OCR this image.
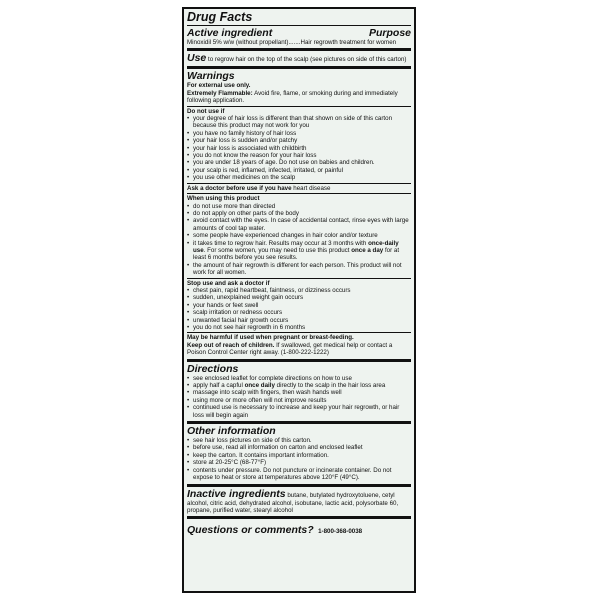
Drug Facts
Active ingredient	Purpose
Minoxidil 5% w/w (without propellant).......Hair regrowth treatment for women
Use to regrow hair on the top of the scalp (see pictures on side of this carton)
Warnings
For external use only.
Extremely Flammable: Avoid fire, flame, or smoking during and immediately following application.
Do not use if
• your degree of hair loss is different than that shown on side of this carton because this product may not work for you
• you have no family history of hair loss
• your hair loss is sudden and/or patchy
• your hair loss is associated with childbirth
• you do not know the reason for your hair loss
• you are under 18 years of age. Do not use on babies and children.
• your scalp is red, inflamed, infected, irritated, or painful
• you use other medicines on the scalp
Ask a doctor before use if you have heart disease
When using this product
• do not use more than directed
• do not apply on other parts of the body
• avoid contact with the eyes. In case of accidental contact, rinse eyes with large amounts of cool tap water.
• some people have experienced changes in hair color and/or texture
• it takes time to regrow hair. Results may occur at 3 months with once-daily use. For some women, you may need to use this product once a day for at least 6 months before you see results.
• the amount of hair regrowth is different for each person. This product will not work for all women.
Stop use and ask a doctor if
• chest pain, rapid heartbeat, faintness, or dizziness occurs
• sudden, unexplained weight gain occurs
• your hands or feet swell
• scalp irritation or redness occurs
• unwanted facial hair growth occurs
• you do not see hair regrowth in 6 months
May be harmful if used when pregnant or breast-feeding.
Keep out of reach of children. If swallowed, get medical help or contact a Poison Control Center right away. (1-800-222-1222)
Directions
• see enclosed leaflet for complete directions on how to use
• apply half a capful once daily directly to the scalp in the hair loss area
• massage into scalp with fingers, then wash hands well
• using more or more often will not improve results
• continued use is necessary to increase and keep your hair regrowth, or hair loss will begin again
Other information
• see hair loss pictures on side of this carton.
• before use, read all information on carton and enclosed leaflet
• keep the carton. It contains important information.
• store at 20-25°C (68-77°F)
• contents under pressure. Do not puncture or incinerate container. Do not expose to heat or store at temperatures above 120°F (49°C).
Inactive ingredients butane, butylated hydroxytoluene, cetyl alcohol, citric acid, dehydrated alcohol, isobutane, lactic acid, polysorbate 60, propane, purified water, stearyl alcohol
Questions or comments? 1-800-368-0038
